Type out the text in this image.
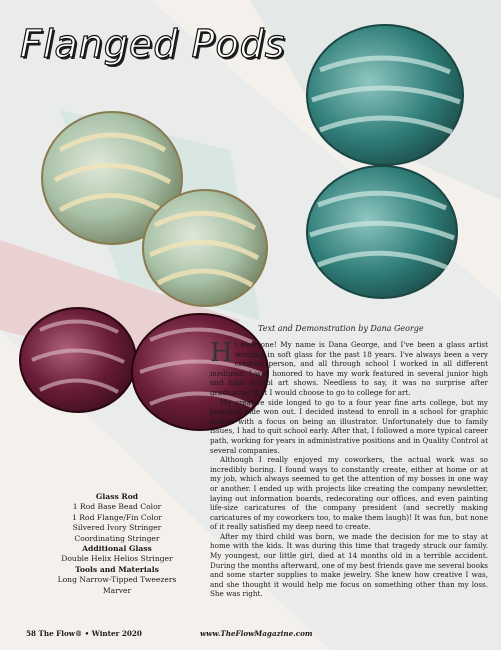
Flanged Pods
Text and Demonstration by Dana George

Hi everyone! My name is Dana George, and I've been a glass artist working in soft glass for the past 18 years. I've always been a very creative person, and all through school I worked in all different mediums. I was honored to have my work featured in several junior high and high school art shows. Needless to say, it was no surprise after graduating that I would choose to go to college for art.

My creative side longed to go to a four year fine arts college, but my practical side won out. I decided instead to enroll in a school for graphic design with a focus on being an illustrator. Unfortunately due to family issues, I had to quit school early. After that, I followed a more typical career path, working for years in administrative positions and in Quality Control at several companies.

Although I really enjoyed my coworkers, the actual work was so incredibly boring. I found ways to constantly create, either at home or at my job, which always seemed to get the attention of my bosses in one way or another. I ended up with projects like creating the company newsletter, laying out information boards, redecorating our offices, and even painting life-size caricatures of the company president (and secretly making caricatures of my coworkers too, to make them laugh)! It was fun, but none of it really satisfied my deep need to create.

After my third child was born, we made the decision for me to stay at home with the kids. It was during this time that tragedy struck our family. My youngest, our little girl, died at 14 months old in a terrible accident. During the months afterward, one of my best friends gave me several books and some starter supplies to make jewelry. She knew how creative I was, and she thought it would help me focus on something other than my loss. She was right.

Glass Rod
1 Rod Base Bead Color
1 Rod Flange/Fin Color
Silvered Ivory Stringer
Coordinating Stringer
Additional Glass
Double Helix Helios Stringer
Tools and Materials
Long Narrow-Tipped Tweezers
Marver
58 The Flow® • Winter 2020	www.TheFlowMagazine.com
